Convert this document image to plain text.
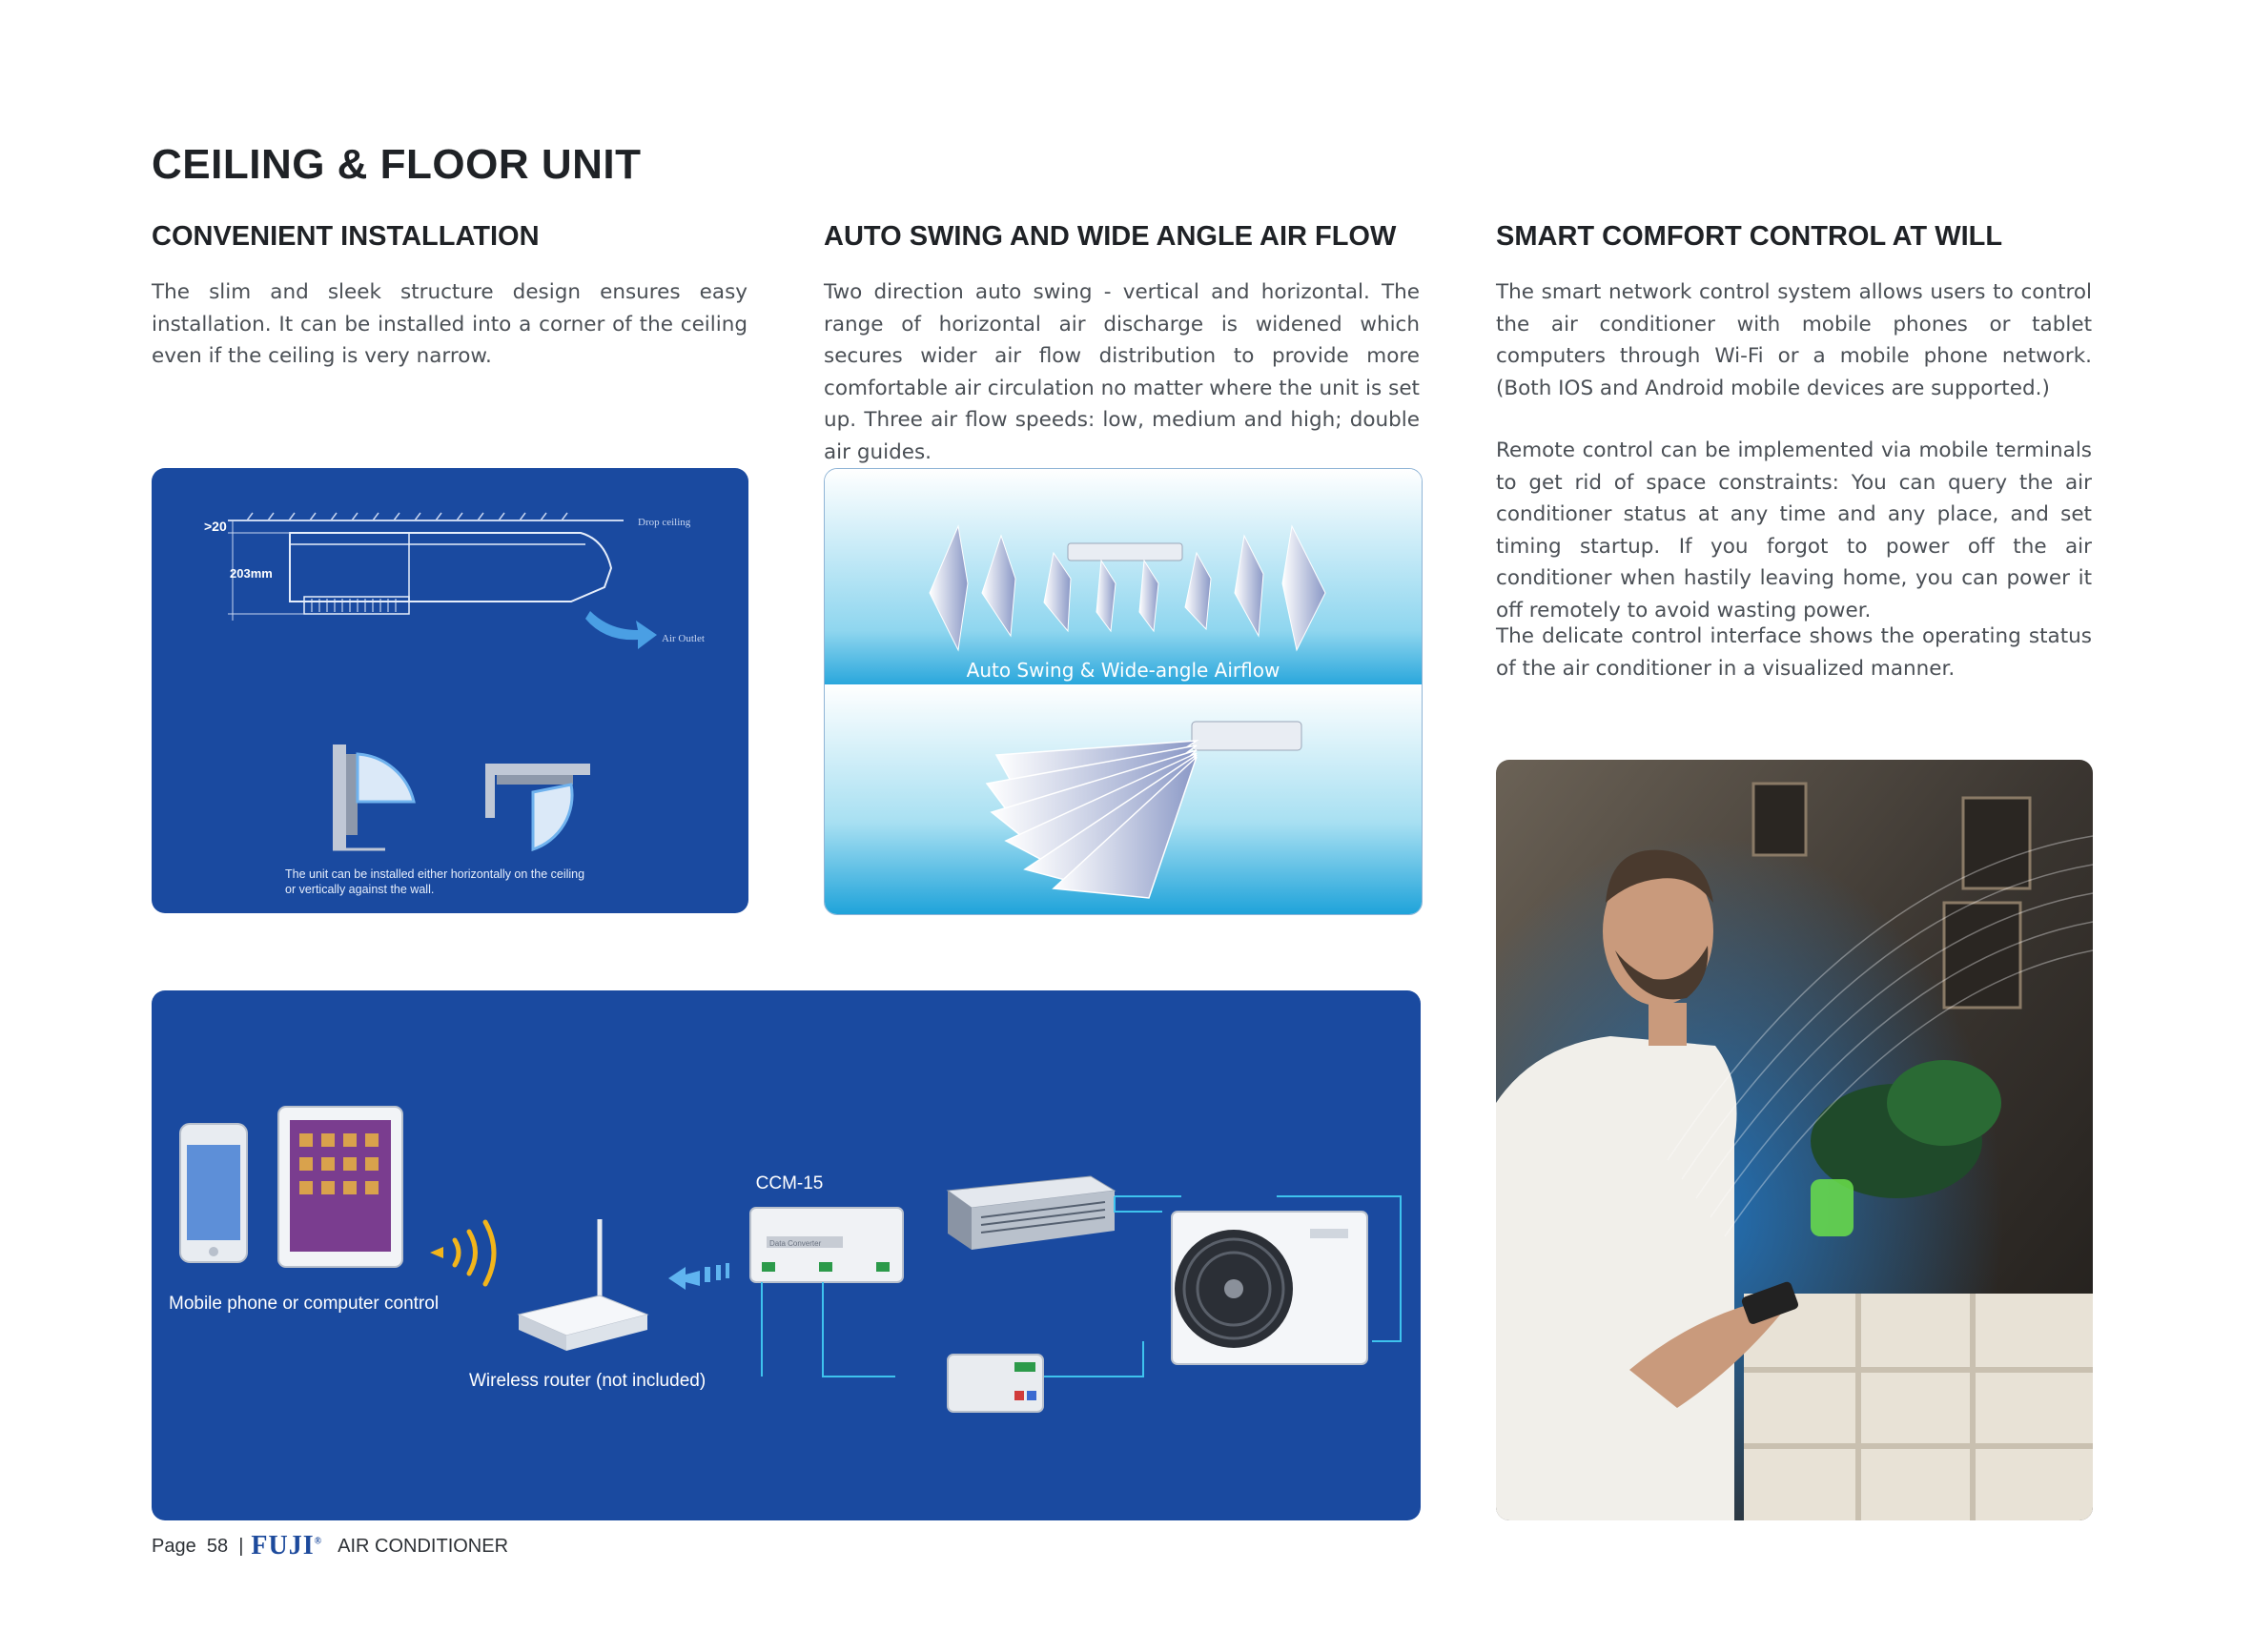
CEILING & FLOOR UNIT
CONVENIENT INSTALLATION

The slim and sleek structure design ensures easy installation. It can be installed into a corner of the ceiling even if the ceiling is very narrow.

AUTO SWING AND WIDE ANGLE AIR FLOW

Two direction auto swing - vertical and horizontal. The range of horizontal air discharge is widened which secures wider air flow distribution to provide more comfortable air circulation no matter where the unit is set up. Three air flow speeds: low, medium and high; double air guides.

SMART COMFORT CONTROL AT WILL

The smart network control system allows users to control the air conditioner with mobile phones or tablet computers through Wi-Fi or a mobile phone network. (Both IOS and Android mobile devices are supported.)

Remote control can be implemented via mobile terminals to get rid of space constraints: You can query the air conditioner status at any time and any place, and set timing startup. If you forgot to power off the air conditioner when hastily leaving home, you can power it off remotely to avoid wasting power.

The delicate control interface shows the operating status of the air conditioner in a visualized manner.

>20
203mm
Drop ceiling
Air Outlet
The unit can be installed either horizontally on the ceiling
or vertically against the wall.
Auto Swing & Wide-angle Airflow
Mobile phone or computer control
Wireless router (not included)
CCM-15
Data Converter
Page
58
| FUJI® AIR CONDITIONER
